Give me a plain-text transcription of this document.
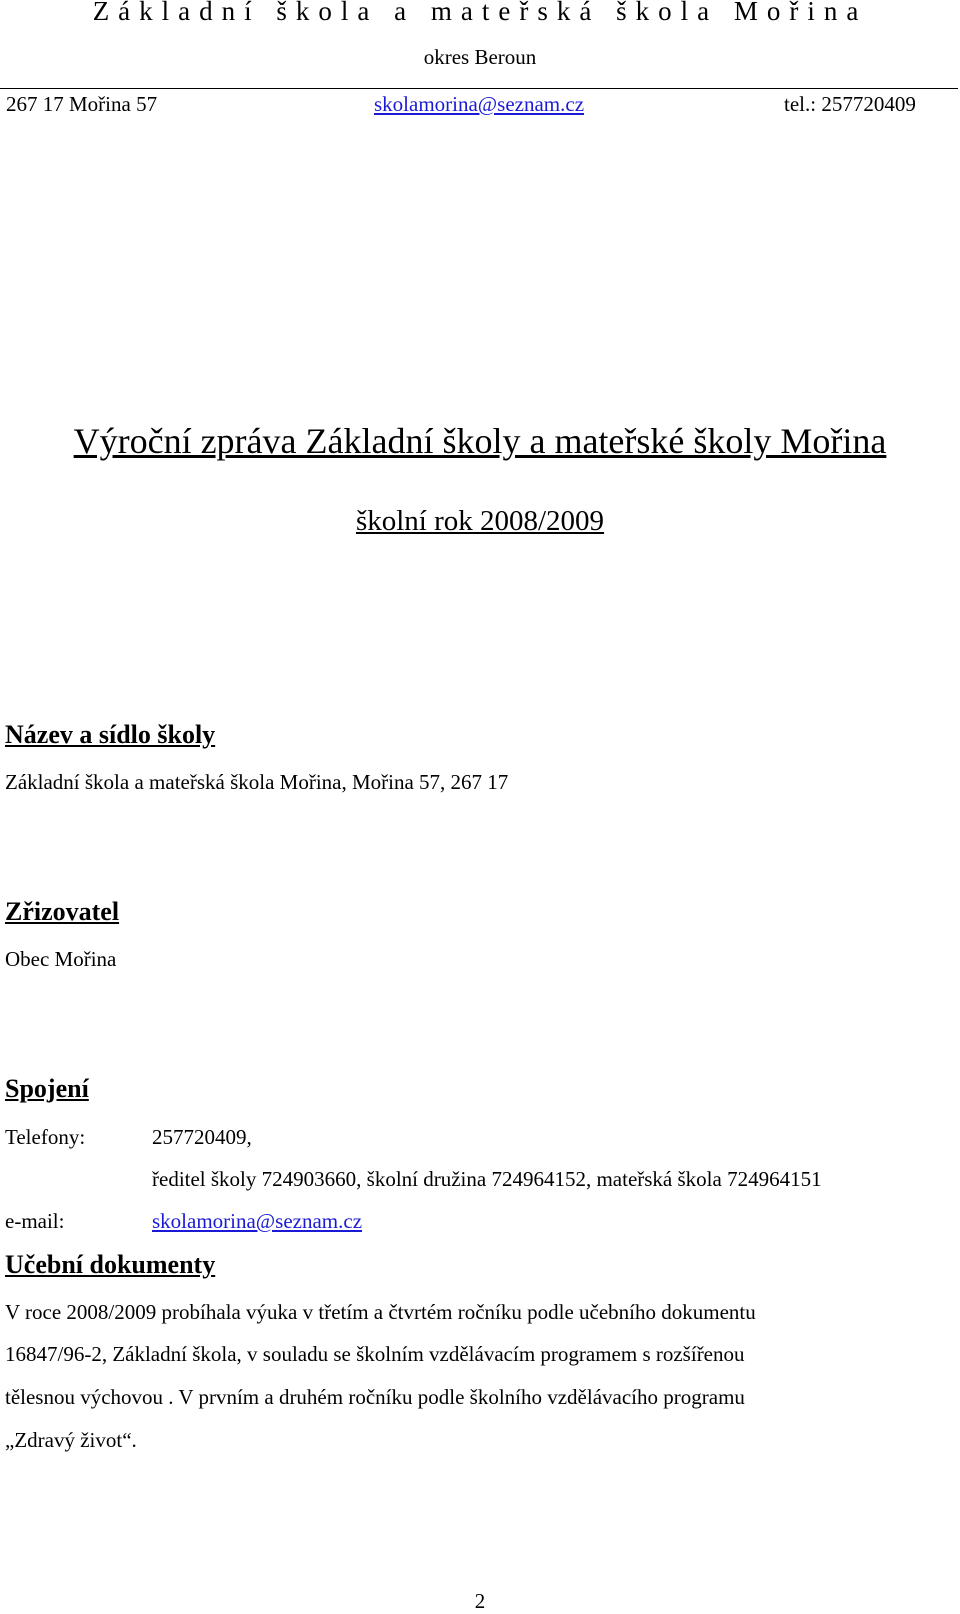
Základní škola a mateřská škola Mořina
okres Beroun
267 17 Mořina 57	skolamorina@seznam.cz	tel.: 257720409
Výroční zpráva Základní školy a mateřské školy Mořina
školní rok 2008/2009
Název a sídlo školy
Základní škola a mateřská škola Mořina, Mořina 57, 267 17
Zřizovatel
Obec Mořina
Spojení
Telefony:	257720409,
ředitel školy 724903660, školní družina 724964152, mateřská škola 724964151
e-mail:	skolamorina@seznam.cz
Učební dokumenty
V roce 2008/2009 probíhala výuka v třetím a čtvrtém ročníku podle učebního dokumentu
16847/96-2, Základní škola, v souladu se školním vzdělávacím programem s rozšířenou
tělesnou výchovou . V prvním a druhém ročníku podle školního vzdělávacího programu
„Zdravý život“.
2
